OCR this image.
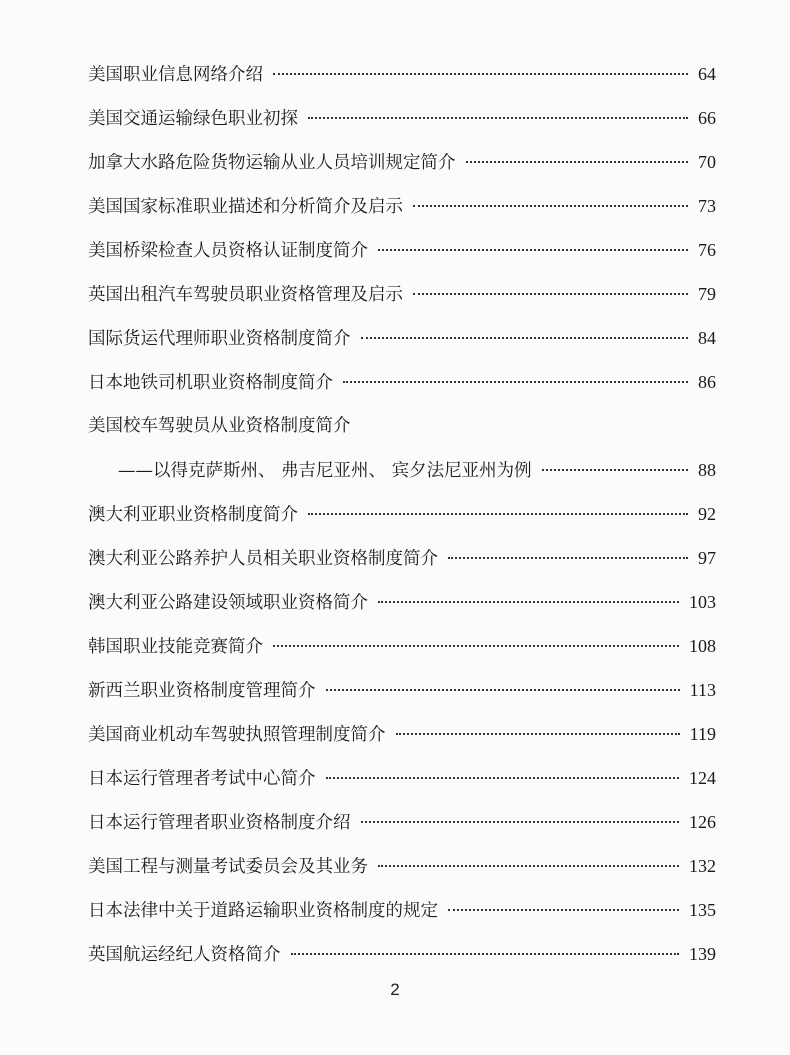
美国职业信息网络介绍	64
美国交通运输绿色职业初探	66
加拿大水路危险货物运输从业人员培训规定简介	70
美国国家标准职业描述和分析简介及启示	73
美国桥梁检查人员资格认证制度简介	76
英国出租汽车驾驶员职业资格管理及启示	79
国际货运代理师职业资格制度简介	84
日本地铁司机职业资格制度简介	86
美国校车驾驶员从业资格制度简介
——以得克萨斯州、 弗吉尼亚州、 宾夕法尼亚州为例	88
澳大利亚职业资格制度简介	92
澳大利亚公路养护人员相关职业资格制度简介	97
澳大利亚公路建设领域职业资格简介	103
韩国职业技能竞赛简介	108
新西兰职业资格制度管理简介	113
美国商业机动车驾驶执照管理制度简介	119
日本运行管理者考试中心简介	124
日本运行管理者职业资格制度介绍	126
美国工程与测量考试委员会及其业务	132
日本法律中关于道路运输职业资格制度的规定	135
英国航运经纪人资格简介	139
2
